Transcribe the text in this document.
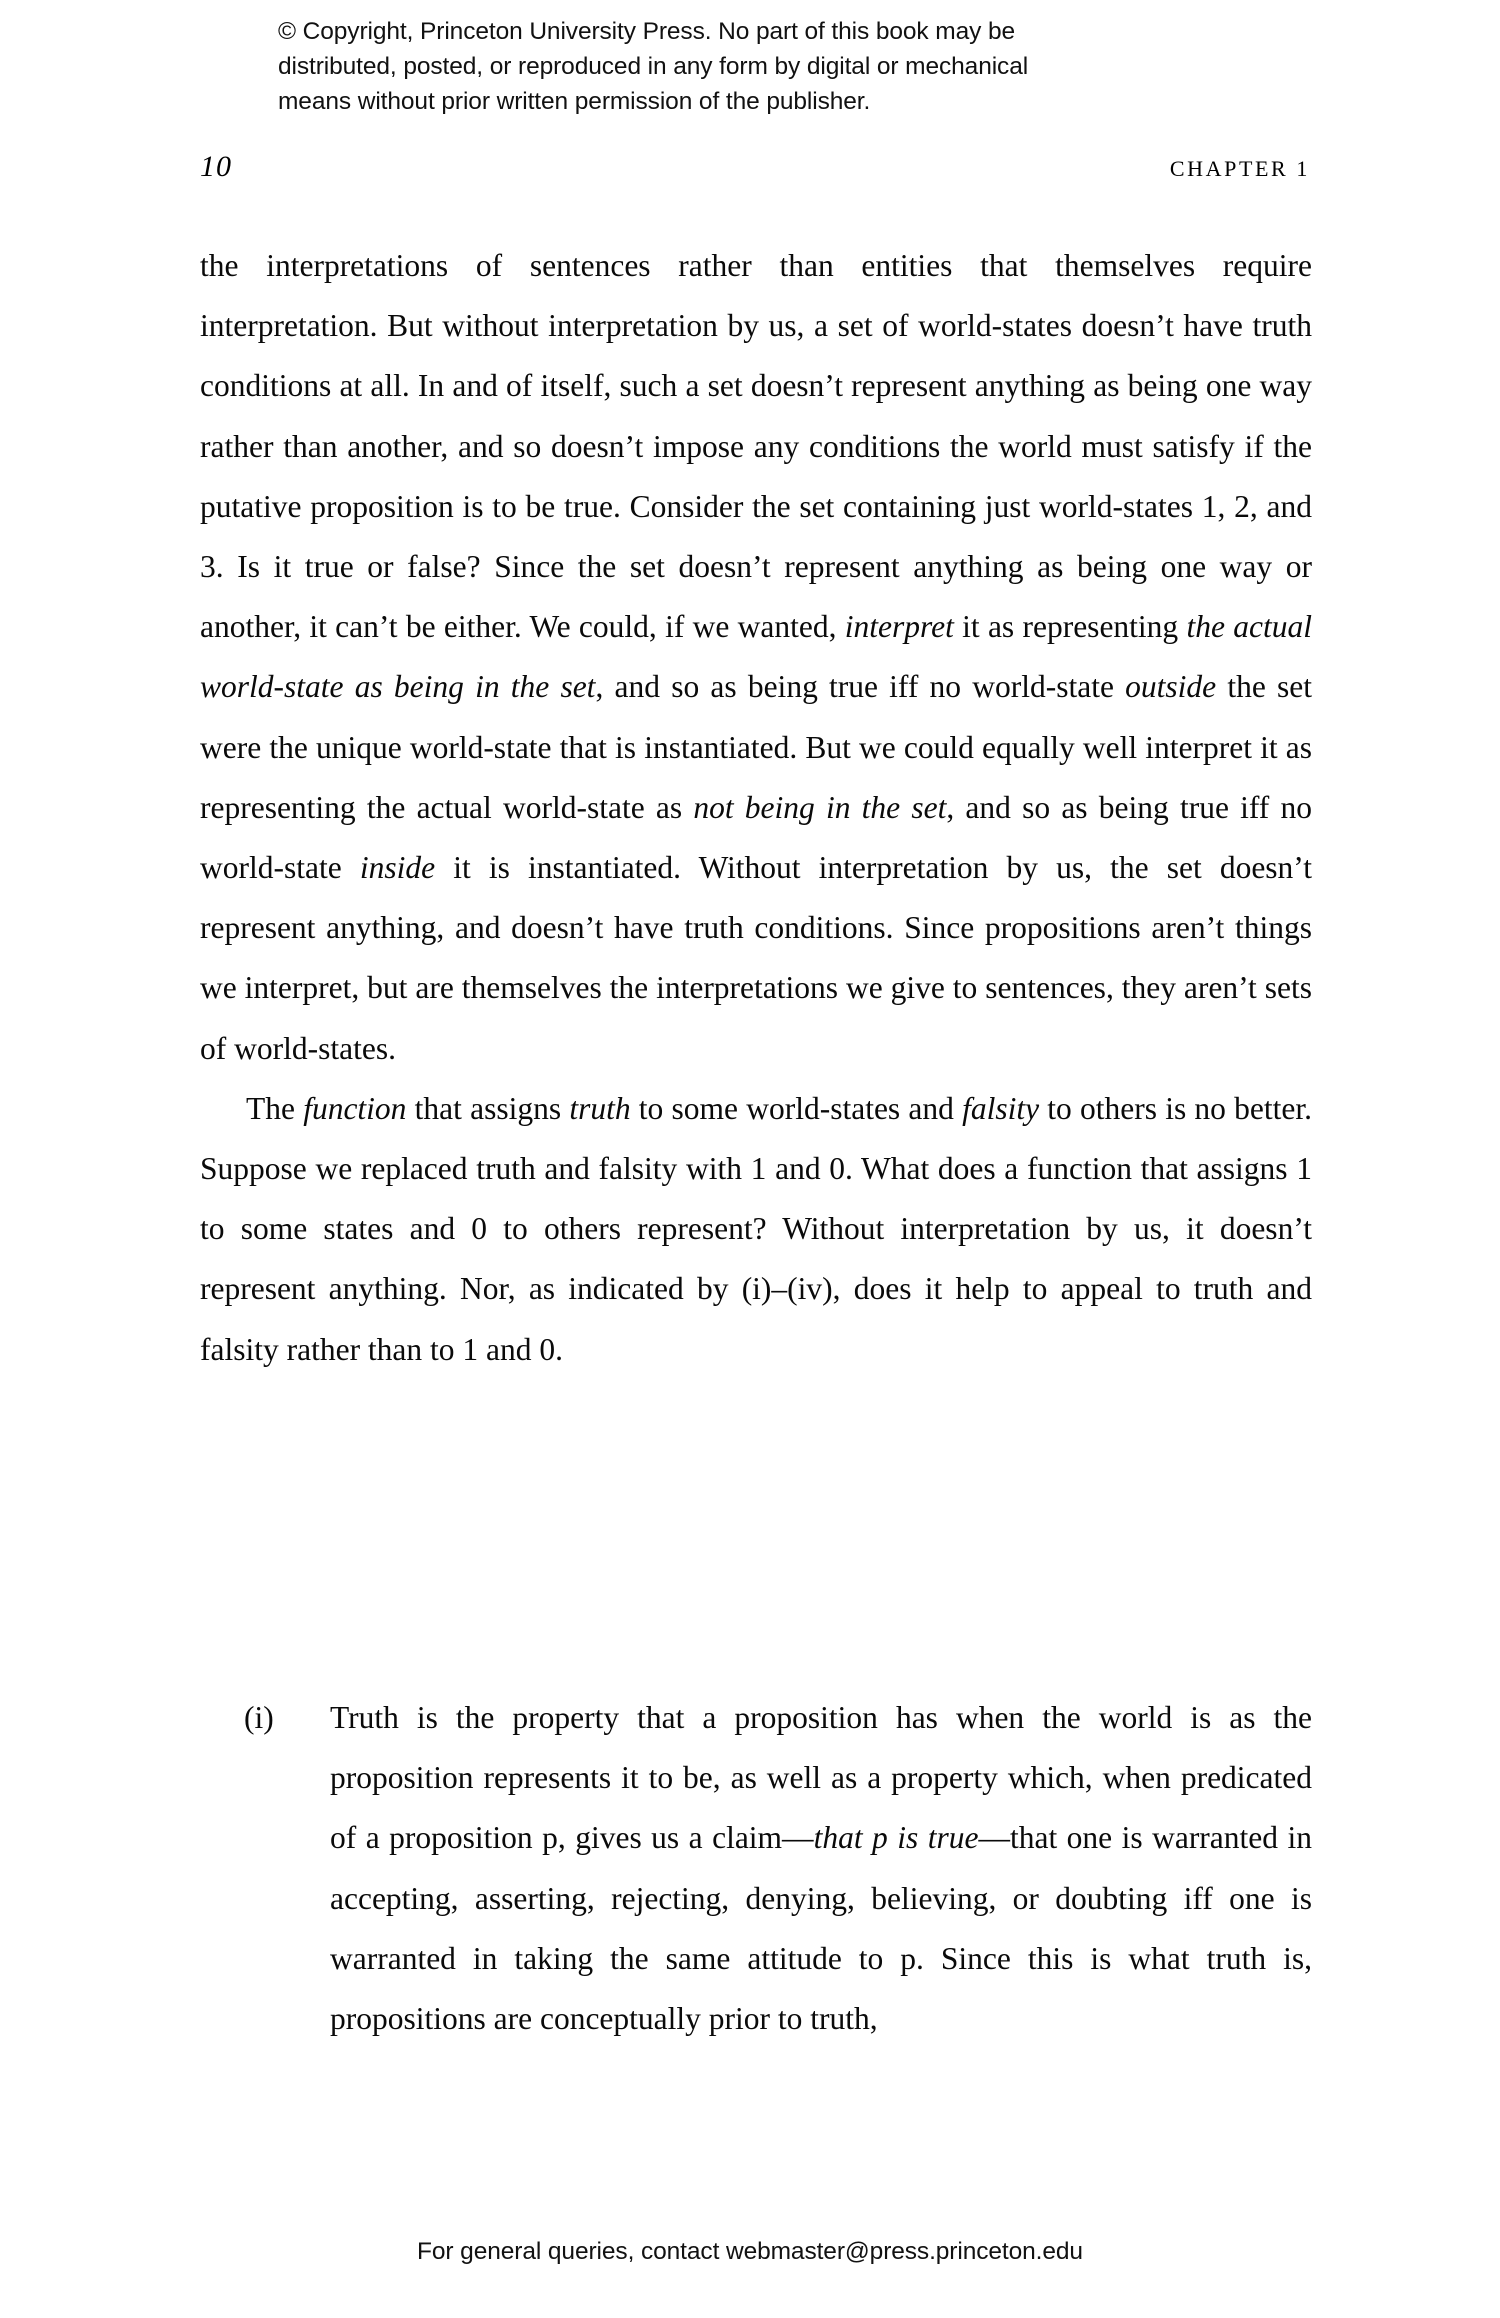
© Copyright, Princeton University Press. No part of this book may be
distributed, posted, or reproduced in any form by digital or mechanical
means without prior written permission of the publisher.
10	CHAPTER 1

the interpretations of sentences rather than entities that themselves require interpretation. But without interpretation by us, a set of world-states doesn’t have truth conditions at all. In and of itself, such a set doesn’t represent anything as being one way rather than another, and so doesn’t impose any conditions the world must satisfy if the putative proposition is to be true. Consider the set containing just world-states 1, 2, and 3. Is it true or false? Since the set doesn’t represent anything as being one way or another, it can’t be either. We could, if we wanted, interpret it as representing the actual world-state as being in the set, and so as being true iff no world-state outside the set were the unique world-state that is instantiated. But we could equally well interpret it as representing the actual world-state as not being in the set, and so as being true iff no world-state inside it is instantiated. Without interpretation by us, the set doesn’t represent anything, and doesn’t have truth conditions. Since propositions aren’t things we interpret, but are themselves the interpretations we give to sentences, they aren’t sets of world-states.

The function that assigns truth to some world-states and falsity to others is no better. Suppose we replaced truth and falsity with 1 and 0. What does a function that assigns 1 to some states and 0 to others represent? Without interpretation by us, it doesn’t represent anything. Nor, as indicated by (i)–(iv), does it help to appeal to truth and falsity rather than to 1 and 0.

(i)	Truth is the property that a proposition has when the world is as the proposition represents it to be, as well as a property which, when predicated of a proposition p, gives us a claim—that p is true—that one is warranted in accepting, asserting, rejecting, denying, believing, or doubting iff one is warranted in taking the same attitude to p. Since this is what truth is, propositions are conceptually prior to truth,
For general queries, contact webmaster@press.princeton.edu
